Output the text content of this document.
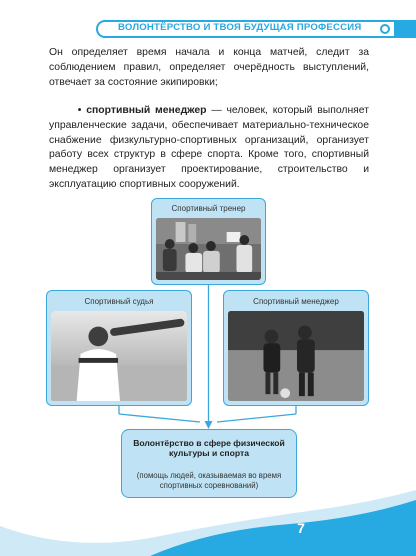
ВОЛОНТЁРСТВО И ТВОЯ БУДУЩАЯ ПРОФЕССИЯ
Он определяет время начала и конца матчей, следит за соблюдением правил, определяет очерёдность выступлений, отвечает за состояние экипировки;
• спортивный менеджер — человек, который выполняет управленческие задачи, обеспечивает материально-техническое снабжение физкультурно-спортивных организаций, организует работу всех структур в сфере спорта. Кроме того, спортивный менеджер организует проектирование, строительство и эксплуатацию спортивных сооружений.
Спортивный тренер
Спортивный судья	Спортивный менеджер
Волонтёрство в сфере физической культуры и спорта
(помощь людей, оказываемая во время спортивных соревнований)
7
